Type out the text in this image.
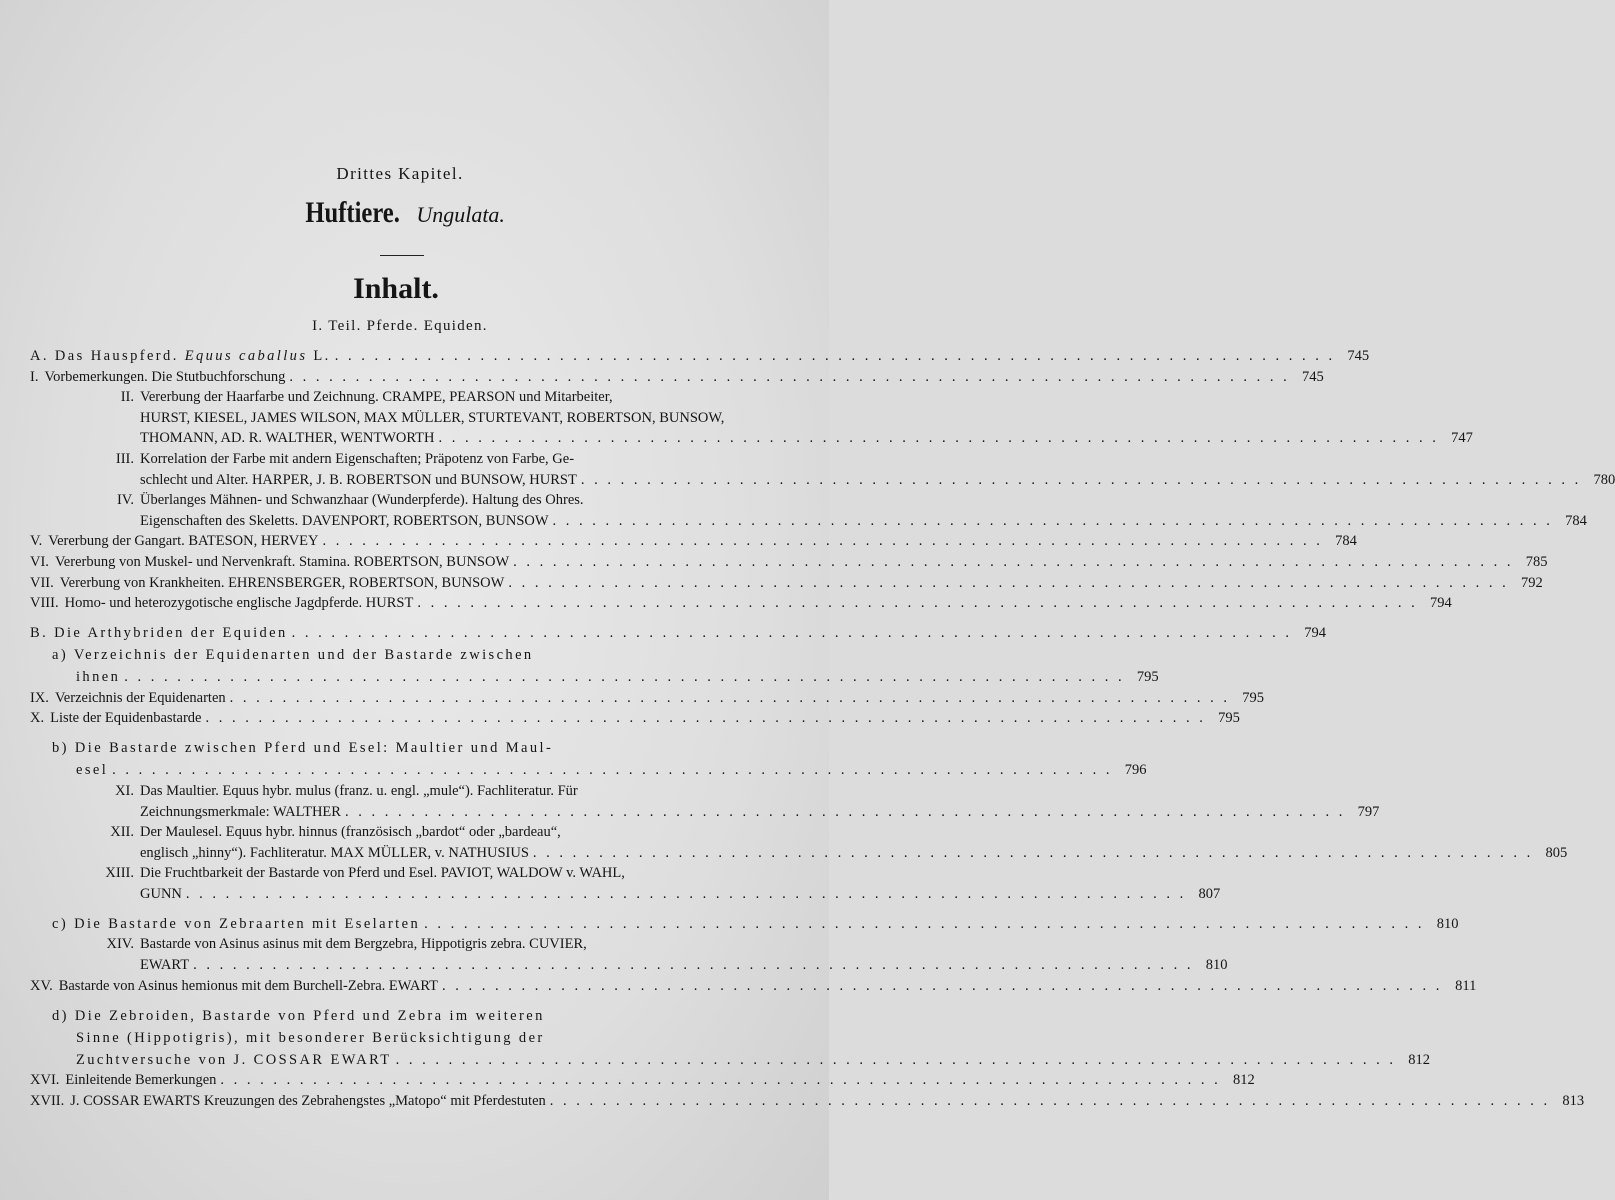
Drittes Kapitel.
Huftiere. Ungulata.
Inhalt.
I. Teil. Pferde. Equiden.
A. Das Hauspferd. Equus caballus L. . . .	745
I. Vorbemerkungen. Die Stutbuchforschung . . .	745
II. Vererbung der Haarfarbe und Zeichnung. CRAMPE, PEARSON und Mitarbeiter,
HURST, KIESEL, JAMES WILSON, MAX MÜLLER, STURTEVANT, ROBERTSON, BUNSOW,
THOMANN, AD. R. WALTHER, WENTWORTH . . .	747
III. Korrelation der Farbe mit andern Eigenschaften; Präpotenz von Farbe, Ge-
schlecht und Alter. HARPER, J. B. ROBERTSON und BUNSOW, HURST . . .	780
IV. Überlanges Mähnen- und Schwanzhaar (Wunderpferde). Haltung des Ohres.
Eigenschaften des Skeletts. DAVENPORT, ROBERTSON, BUNSOW . . .	784
V. Vererbung der Gangart. BATESON, HERVEY . . .	784
VI. Vererbung von Muskel- und Nervenkraft. Stamina. ROBERTSON, BUNSOW . . .	785
VII. Vererbung von Krankheiten. EHRENSBERGER, ROBERTSON, BUNSOW . . .	792
VIII. Homo- und heterozygotische englische Jagdpferde. HURST . . .	794
B. Die Arthybriden der Equiden . . .	794
a) Verzeichnis der Equidenarten und der Bastarde zwischen
ihnen . . .	795
IX. Verzeichnis der Equidenarten . . .	795
X. Liste der Equidenbastarde . . .	795
b) Die Bastarde zwischen Pferd und Esel: Maultier und Maul-
esel . . .	796
XI. Das Maultier. Equus hybr. mulus (franz. u. engl. „mule“). Fachliteratur. Für
Zeichnungsmerkmale: WALTHER . . .	797
XII. Der Maulesel. Equus hybr. hinnus (französisch „bardot“ oder „bardeau“,
englisch „hinny“). Fachliteratur. MAX MÜLLER, v. NATHUSIUS . . .	805
XIII. Die Fruchtbarkeit der Bastarde von Pferd und Esel. PAVIOT, WALDOW v. WAHL,
GUNN . . .	807
c) Die Bastarde von Zebraarten mit Eselarten . . .	810
XIV. Bastarde von Asinus asinus mit dem Bergzebra, Hippotigris zebra. CUVIER,
EWART . . .	810
XV. Bastarde von Asinus hemionus mit dem Burchell-Zebra. EWART . . .	811
d) Die Zebroiden, Bastarde von Pferd und Zebra im weiteren
Sinne (Hippotigris), mit besonderer Berücksichtigung der
Zuchtversuche von J. COSSAR EWART . . .	812
XVI. Einleitende Bemerkungen . . .	812
XVII. J. COSSAR EWARTS Kreuzungen des Zebrahengstes „Matopo“ mit Pferdestuten . . .	813
